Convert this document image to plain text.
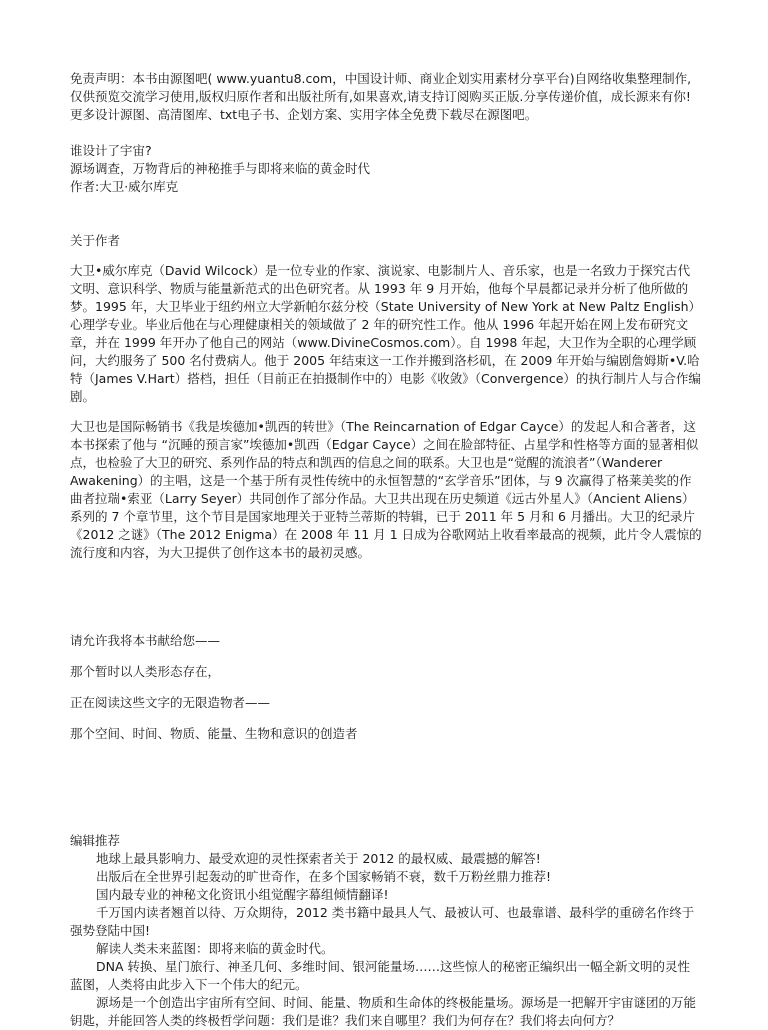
免责声明：本书由源图吧( www.yuantu8.com，中国设计师、商业企划实用素材分享平台)自网络收集整理制作,仅供预览交流学习使用,版权归原作者和出版社所有,如果喜欢,请支持订阅购买正版.分享传递价值，成长源来有你! 更多设计源图、高清图库、txt电子书、企划方案、实用字体全免费下载尽在源图吧。

谁设计了宇宙?

源场调查，万物背后的神秘推手与即将来临的黄金时代

作者:大卫·威尔库克

关于作者

大卫•威尔库克（David Wilcock）是一位专业的作家、演说家、电影制片人、音乐家，也是一名致力于探究古代文明、意识科学、物质与能量新范式的出色研究者。从 1993 年 9 月开始，他每个早晨都记录并分析了他所做的梦。1995 年，大卫毕业于纽约州立大学新帕尔兹分校（State University of New York at New Paltz English）心理学专业。毕业后他在与心理健康相关的领域做了 2 年的研究性工作。他从 1996 年起开始在网上发布研究文章，并在 1999 年开办了他自己的网站（www.DivineCosmos.com）。自 1998 年起，大卫作为全职的心理学顾问，大约服务了 500 名付费病人。他于 2005 年结束这一工作并搬到洛杉矶，在 2009 年开始与编剧詹姆斯•V.哈特（James V.Hart）搭档，担任（目前正在拍摄制作中的）电影《收敛》（Convergence）的执行制片人与合作编剧。

大卫也是国际畅销书《我是埃德加•凯西的转世》（The Reincarnation of Edgar Cayce）的发起人和合著者，这本书探索了他与 “沉睡的预言家”埃德加•凯西（Edgar Cayce）之间在脸部特征、占星学和性格等方面的显著相似点，也检验了大卫的研究、系列作品的特点和凯西的信息之间的联系。大卫也是“觉醒的流浪者”（Wanderer Awakening）的主唱，这是一个基于所有灵性传统中的永恒智慧的“玄学音乐”团体，与 9 次赢得了格莱美奖的作曲者拉瑞•索亚（Larry Seyer）共同创作了部分作品。大卫共出现在历史频道《远古外星人》（Ancient Aliens）系列的 7 个章节里，这个节目是国家地理关于亚特兰蒂斯的特辑，已于 2011 年 5 月和 6 月播出。大卫的纪录片《2012 之谜》（The 2012 Enigma）在 2008 年 11 月 1 日成为谷歌网站上收看率最高的视频，此片令人震惊的流行度和内容，为大卫提供了创作这本书的最初灵感。

请允许我将本书献给您——

那个暂时以人类形态存在，

正在阅读这些文字的无限造物者——

那个空间、时间、物质、能量、生物和意识的创造者

编辑推荐

地球上最具影响力、最受欢迎的灵性探索者关于 2012 的最权威、最震撼的解答!

出版后在全世界引起轰动的旷世奇作，在多个国家畅销不衰，数千万粉丝鼎力推荐!

国内最专业的神秘文化资讯小组觉醒字幕组倾情翻译!

千万国内读者翘首以待、万众期待，2012 类书籍中最具人气、最被认可、也最靠谱、最科学的重磅名作终于强势登陆中国!

解读人类未来蓝图：即将来临的黄金时代。

DNA 转换、星门旅行、神圣几何、多维时间、银河能量场……这些惊人的秘密正编织出一幅全新文明的灵性蓝图，人类将由此步入下一个伟大的纪元。

源场是一个创造出宇宙所有空间、时间、能量、物质和生命体的终极能量场。源场是一把解开宇宙谜团的万能钥匙，并能回答人类的终极哲学问题：我们是谁？我们来自哪里？我们为何存在？我们将去向何方？
